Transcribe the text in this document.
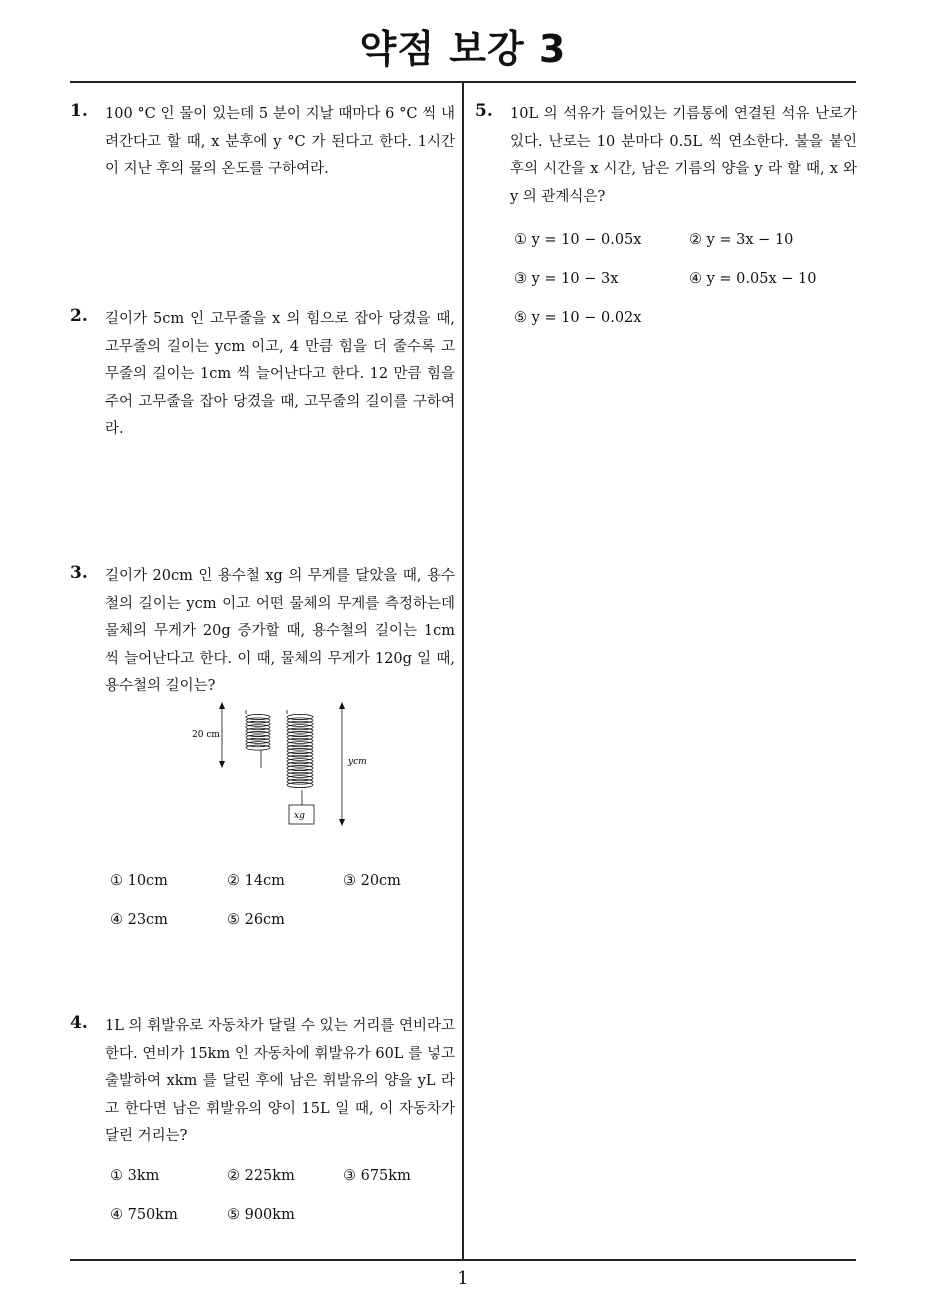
약점 보강 3
1. 100 °C 인 물이 있는데 5 분이 지날 때마다 6 °C 씩 내려간다고 할 때, x 분후에 y °C 가 된다고 한다. 1시간이 지난 후의 물의 온도를 구하여라.
2. 길이가 5cm 인 고무줄을 x 의 힘으로 잡아 당겼을 때, 고무줄의 길이는 ycm 이고, 4 만큼 힘을 더 줄수록 고무줄의 길이는 1cm 씩 늘어난다고 한다. 12 만큼 힘을 주어 고무줄을 잡아 당겼을 때, 고무줄의 길이를 구하여라.
3. 길이가 20cm 인 용수철 xg 의 무게를 달았을 때, 용수철의 길이는 ycm 이고 어떤 물체의 무게를 측정하는데 물체의 무게가 20g 증가할 때, 용수철의 길이는 1cm 씩 늘어난다고 한다. 이 때, 물체의 무게가 120g 일 때, 용수철의 길이는?
20 cm
xg
ycm
① 10cm	② 14cm	③ 20cm
④ 23cm	⑤ 26cm
4. 1L 의 휘발유로 자동차가 달릴 수 있는 거리를 연비라고 한다. 연비가 15km 인 자동차에 휘발유가 60L 를 넣고 출발하여 xkm 를 달린 후에 남은 휘발유의 양을 yL 라고 한다면 남은 휘발유의 양이 15L 일 때, 이 자동차가 달린 거리는?
① 3km	② 225km	③ 675km
④ 750km	⑤ 900km
5. 10L 의 석유가 들어있는 기름통에 연결된 석유 난로가 있다. 난로는 10 분마다 0.5L 씩 연소한다. 불을 붙인 후의 시간을 x 시간, 남은 기름의 양을 y 라 할 때, x 와 y 의 관계식은?
① y = 10 − 0.05x	② y = 3x − 10
③ y = 10 − 3x	④ y = 0.05x − 10
⑤ y = 10 − 0.02x
1
